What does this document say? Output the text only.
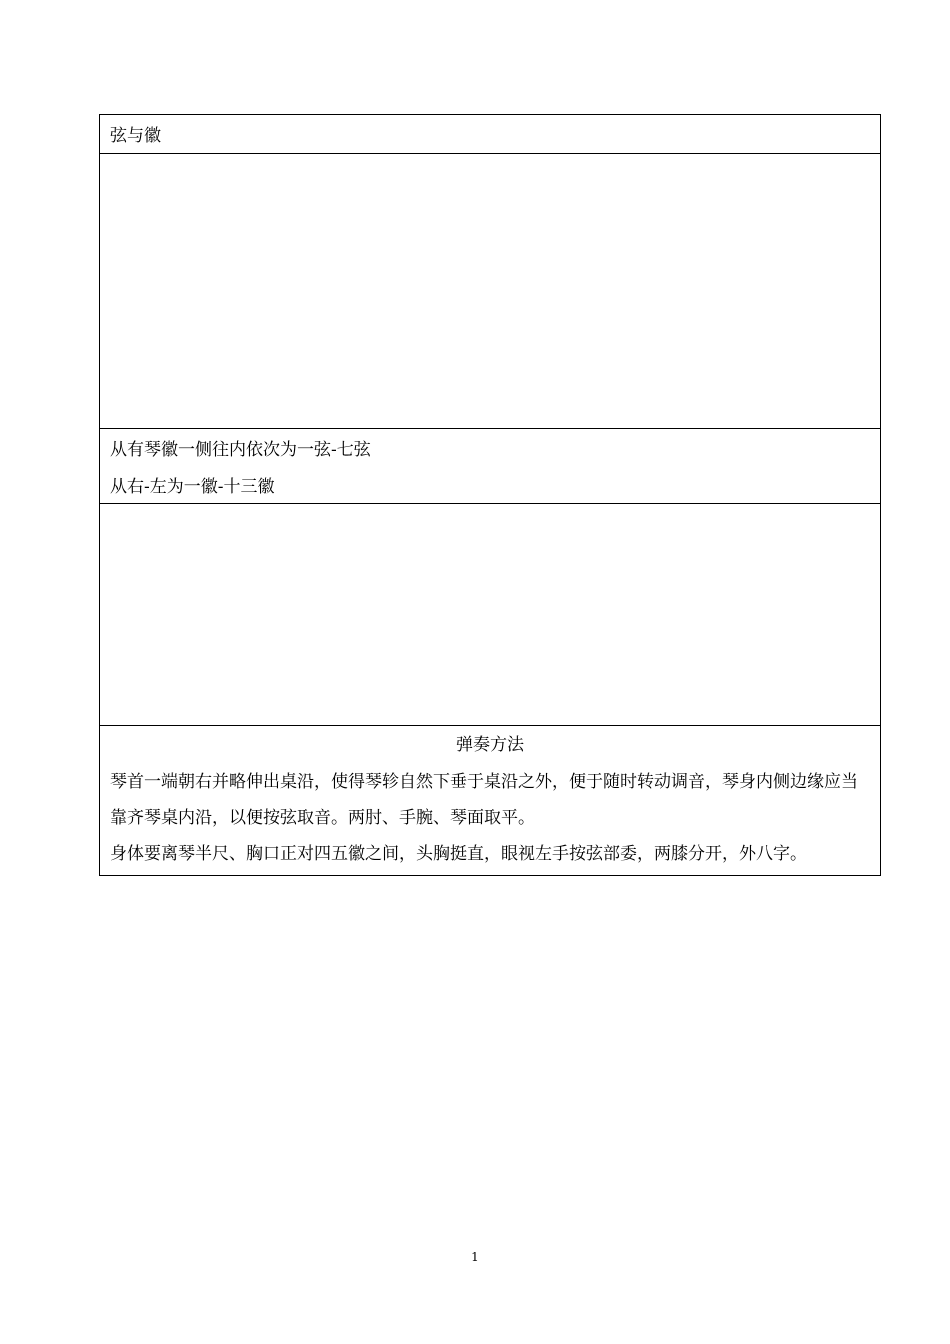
弦与徽
从有琴徽一侧往内依次为一弦-七弦
从右-左为一徽-十三徽
弹奏方法

琴首一端朝右并略伸出桌沿，使得琴轸自然下垂于桌沿之外，便于随时转动调音，琴身内侧边缘应当靠齐琴桌内沿，以便按弦取音。两肘、手腕、琴面取平。

身体要离琴半尺、胸口正对四五徽之间，头胸挺直，眼视左手按弦部委，两膝分开，外八字。

1
